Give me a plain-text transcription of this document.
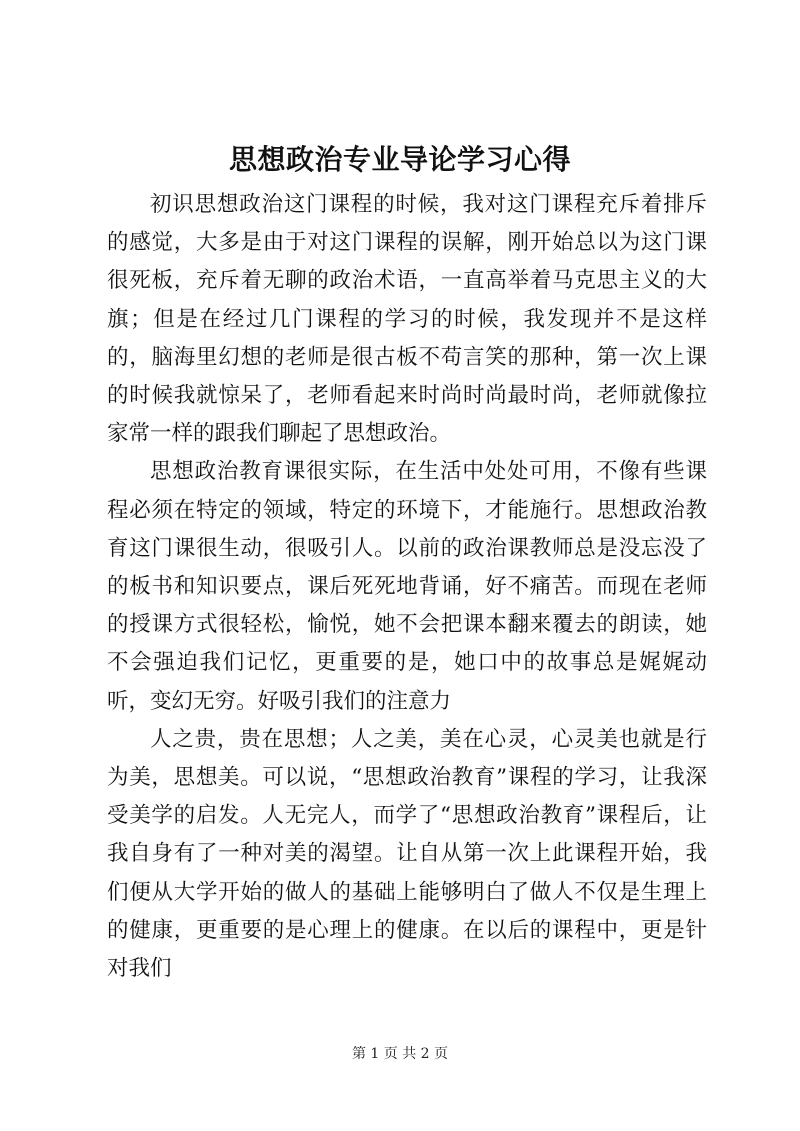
思想政治专业导论学习心得

初识思想政治这门课程的时候，我对这门课程充斥着排斥的感觉，大多是由于对这门课程的误解，刚开始总以为这门课很死板，充斥着无聊的政治术语，一直高举着马克思主义的大旗；但是在经过几门课程的学习的时候，我发现并不是这样的，脑海里幻想的老师是很古板不苟言笑的那种，第一次上课的时候我就惊呆了，老师看起来时尚时尚最时尚，老师就像拉家常一样的跟我们聊起了思想政治。

思想政治教育课很实际，在生活中处处可用，不像有些课程必须在特定的领域，特定的环境下，才能施行。思想政治教育这门课很生动，很吸引人。以前的政治课教师总是没忘没了的板书和知识要点，课后死死地背诵，好不痛苦。而现在老师的授课方式很轻松，愉悦，她不会把课本翻来覆去的朗读，她不会强迫我们记忆，更重要的是，她口中的故事总是娓娓动听，变幻无穷。好吸引我们的注意力

人之贵，贵在思想；人之美，美在心灵，心灵美也就是行为美，思想美。可以说，“思想政治教育”课程的学习，让我深受美学的启发。人无完人，而学了“思想政治教育”课程后，让我自身有了一种对美的渴望。让自从第一次上此课程开始，我们便从大学开始的做人的基础上能够明白了做人不仅是生理上的健康，更重要的是心理上的健康。在以后的课程中，更是针对我们

第 1 页 共 2 页
